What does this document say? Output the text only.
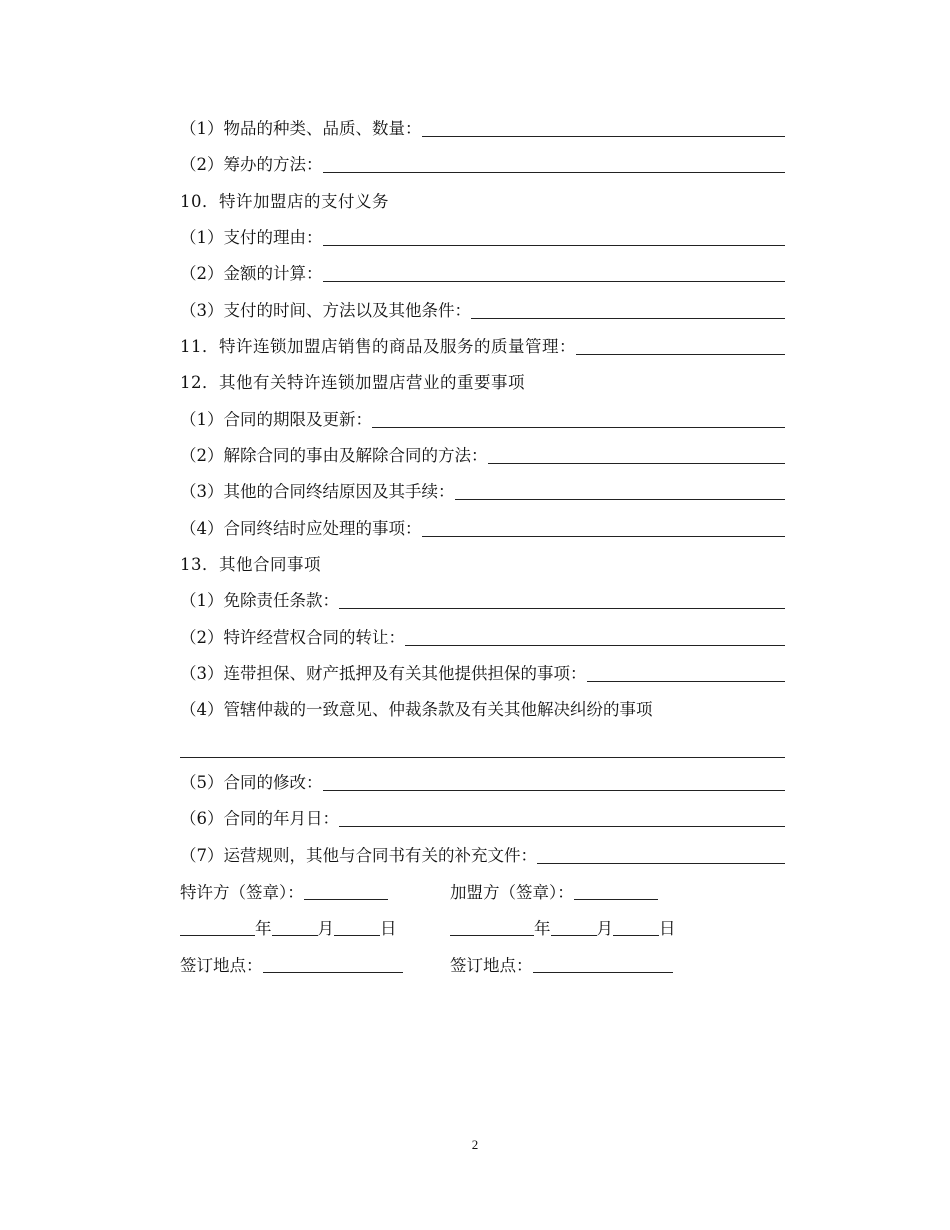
（1）物品的种类、品质、数量：
（2）筹办的方法：
10．特许加盟店的支付义务
（1）支付的理由：
（2）金额的计算：
（3）支付的时间、方法以及其他条件：
11．特许连锁加盟店销售的商品及服务的质量管理：
12．其他有关特许连锁加盟店营业的重要事项
（1）合同的期限及更新：
（2）解除合同的事由及解除合同的方法：
（3）其他的合同终结原因及其手续：
（4）合同终结时应处理的事项：
13．其他合同事项
（1）免除责任条款：
（2）特许经营权合同的转让：
（3）连带担保、财产抵押及有关其他提供担保的事项：
（4）管辖仲裁的一致意见、仲裁条款及有关其他解决纠纷的事项
（5）合同的修改：
（6）合同的年月日：
（7）运营规则，其他与合同书有关的补充文件：
特许方（签章）：	加盟方（签章）：
年	月	日	年	月	日
签订地点：	签订地点：
2
